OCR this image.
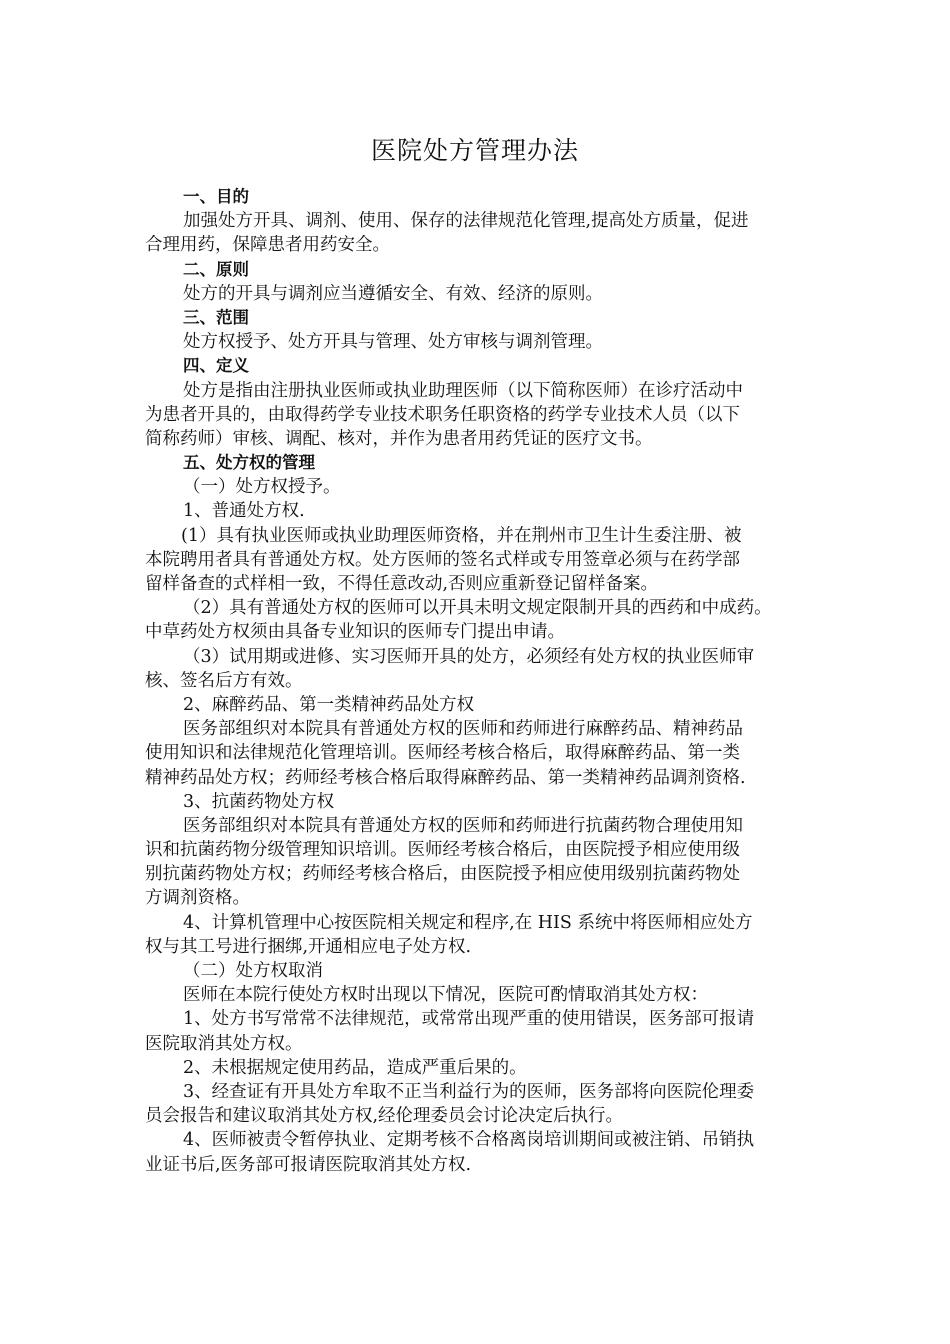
医院处方管理办法
一、目的
加强处方开具、调剂、使用、保存的法律规范化管理,提高处方质量，促进
合理用药，保障患者用药安全。
二、原则
处方的开具与调剂应当遵循安全、有效、经济的原则。
三、范围
处方权授予、处方开具与管理、处方审核与调剂管理。
四、定义
处方是指由注册执业医师或执业助理医师（以下简称医师）在诊疗活动中
为患者开具的，由取得药学专业技术职务任职资格的药学专业技术人员（以下
简称药师）审核、调配、核对，并作为患者用药凭证的医疗文书。
五、处方权的管理
（一）处方权授予。
1、普通处方权.
(1）具有执业医师或执业助理医师资格，并在荆州市卫生计生委注册、被
本院聘用者具有普通处方权。处方医师的签名式样或专用签章必须与在药学部
留样备查的式样相一致，不得任意改动,否则应重新登记留样备案。
（2）具有普通处方权的医师可以开具未明文规定限制开具的西药和中成药。
中草药处方权须由具备专业知识的医师专门提出申请。
（3）试用期或进修、实习医师开具的处方，必须经有处方权的执业医师审
核、签名后方有效。
2、麻醉药品、第一类精神药品处方权
医务部组织对本院具有普通处方权的医师和药师进行麻醉药品、精神药品
使用知识和法律规范化管理培训。医师经考核合格后，取得麻醉药品、第一类
精神药品处方权；药师经考核合格后取得麻醉药品、第一类精神药品调剂资格.
3、抗菌药物处方权
医务部组织对本院具有普通处方权的医师和药师进行抗菌药物合理使用知
识和抗菌药物分级管理知识培训。医师经考核合格后，由医院授予相应使用级
别抗菌药物处方权；药师经考核合格后，由医院授予相应使用级别抗菌药物处
方调剂资格。
4、计算机管理中心按医院相关规定和程序,在 HIS 系统中将医师相应处方
权与其工号进行捆绑,开通相应电子处方权.
（二）处方权取消
医师在本院行使处方权时出现以下情况，医院可酌情取消其处方权：
1、处方书写常常不法律规范，或常常出现严重的使用错误，医务部可报请
医院取消其处方权。
2、未根据规定使用药品，造成严重后果的。
3、经查证有开具处方牟取不正当利益行为的医师，医务部将向医院伦理委
员会报告和建议取消其处方权,经伦理委员会讨论决定后执行。
4、医师被责令暂停执业、定期考核不合格离岗培训期间或被注销、吊销执
业证书后,医务部可报请医院取消其处方权.
